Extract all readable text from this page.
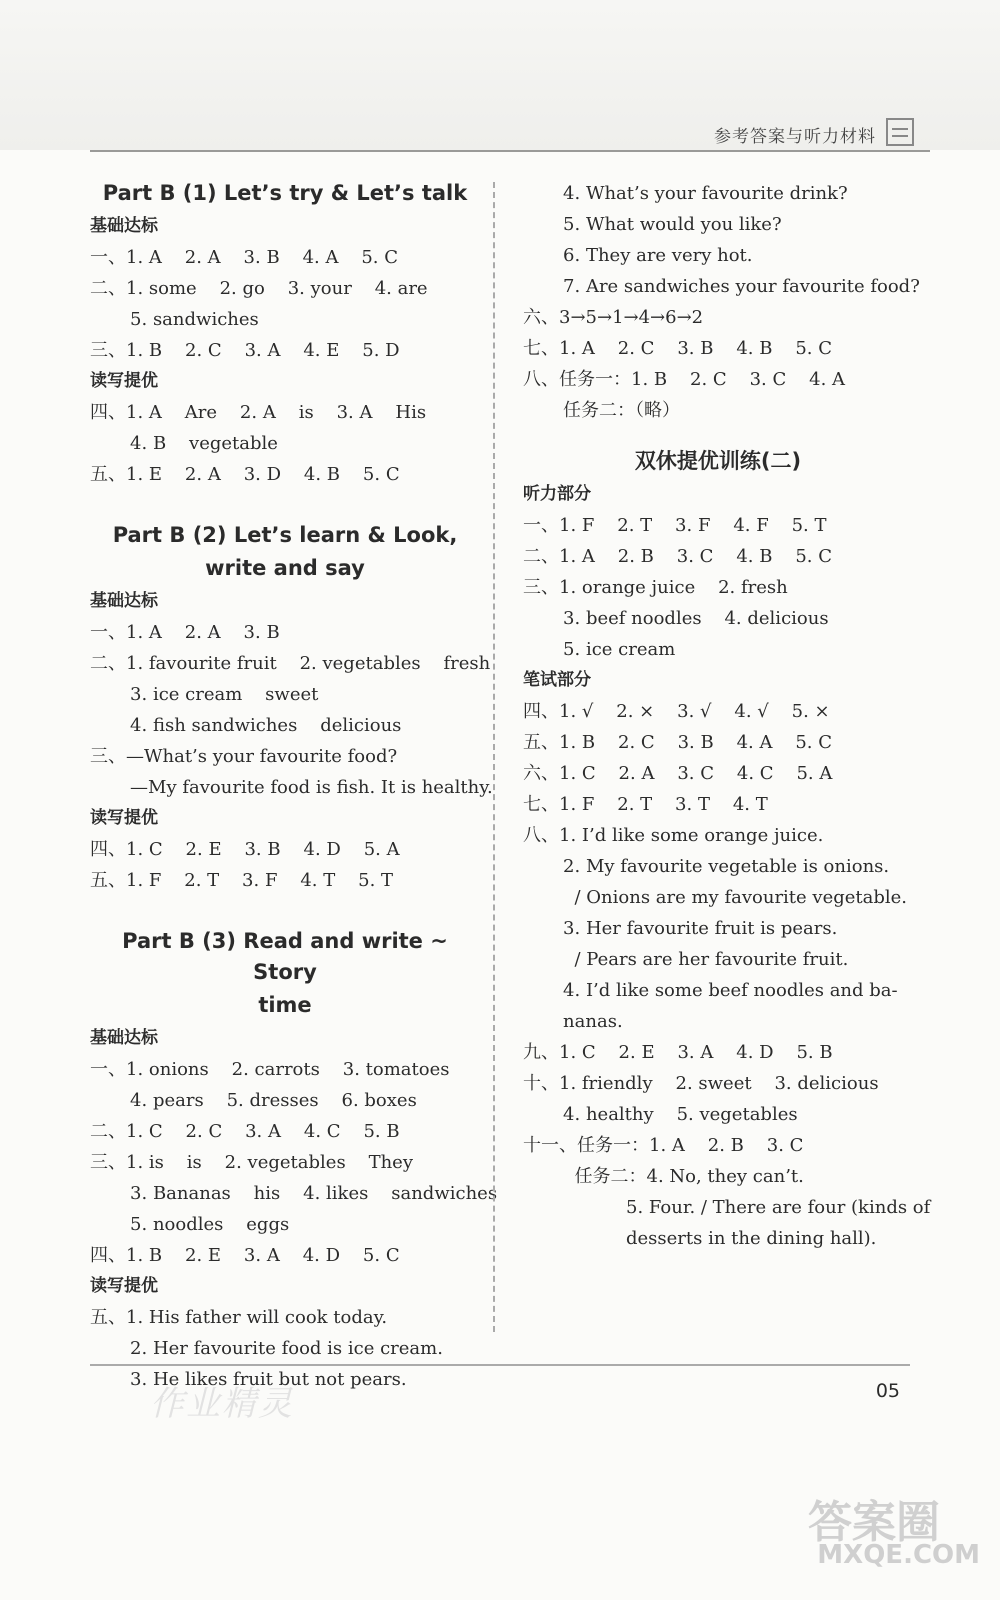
参考答案与听力材料
Part B (1) Let’s try & Let’s talk
基础达标
一、1. A    2. A    3. B    4. A    5. C
二、1. some    2. go    3. your    4. are
5. sandwiches
三、1. B    2. C    3. A    4. E    5. D
读写提优
四、1. A    Are    2. A    is    3. A    His
4. B    vegetable
五、1. E    2. A    3. D    4. B    5. C
Part B (2) Let’s learn & Look,
write and say
基础达标
一、1. A    2. A    3. B
二、1. favourite fruit    2. vegetables    fresh
3. ice cream    sweet
4. fish sandwiches    delicious
三、—What’s your favourite food?
—My favourite food is fish. It is healthy.
读写提优
四、1. C    2. E    3. B    4. D    5. A
五、1. F    2. T    3. F    4. T    5. T
Part B (3) Read and write ~ Story
time
基础达标
一、1. onions    2. carrots    3. tomatoes
4. pears    5. dresses    6. boxes
二、1. C    2. C    3. A    4. C    5. B
三、1. is    is    2. vegetables    They
3. Bananas    his    4. likes    sandwiches
5. noodles    eggs
四、1. B    2. E    3. A    4. D    5. C
读写提优
五、1. His father will cook today.
2. Her favourite food is ice cream.
3. He likes fruit but not pears.
4. What’s your favourite drink?
5. What would you like?
6. They are very hot.
7. Are sandwiches your favourite food?
六、3→5→1→4→6→2
七、1. A    2. C    3. B    4. B    5. C
八、任务一：1. B    2. C    3. C    4. A
任务二：（略）
双休提优训练(二)
听力部分
一、1. F    2. T    3. F    4. F    5. T
二、1. A    2. B    3. C    4. B    5. C
三、1. orange juice    2. fresh
3. beef noodles    4. delicious
5. ice cream
笔试部分
四、1. √    2. ×    3. √    4. √    5. ×
五、1. B    2. C    3. B    4. A    5. C
六、1. C    2. A    3. C    4. C    5. A
七、1. F    2. T    3. T    4. T
八、1. I’d like some orange juice.
2. My favourite vegetable is onions.
/ Onions are my favourite vegetable.
3. Her favourite fruit is pears.
/ Pears are her favourite fruit.
4. I’d like some beef noodles and ba-
nanas.
九、1. C    2. E    3. A    4. D    5. B
十、1. friendly    2. sweet    3. delicious
4. healthy    5. vegetables
十一、任务一：1. A    2. B    3. C
任务二：4. No, they can’t.
5. Four. / There are four (kinds of
desserts in the dining hall).
作业精灵	05
答案圈
MXQE.COM
